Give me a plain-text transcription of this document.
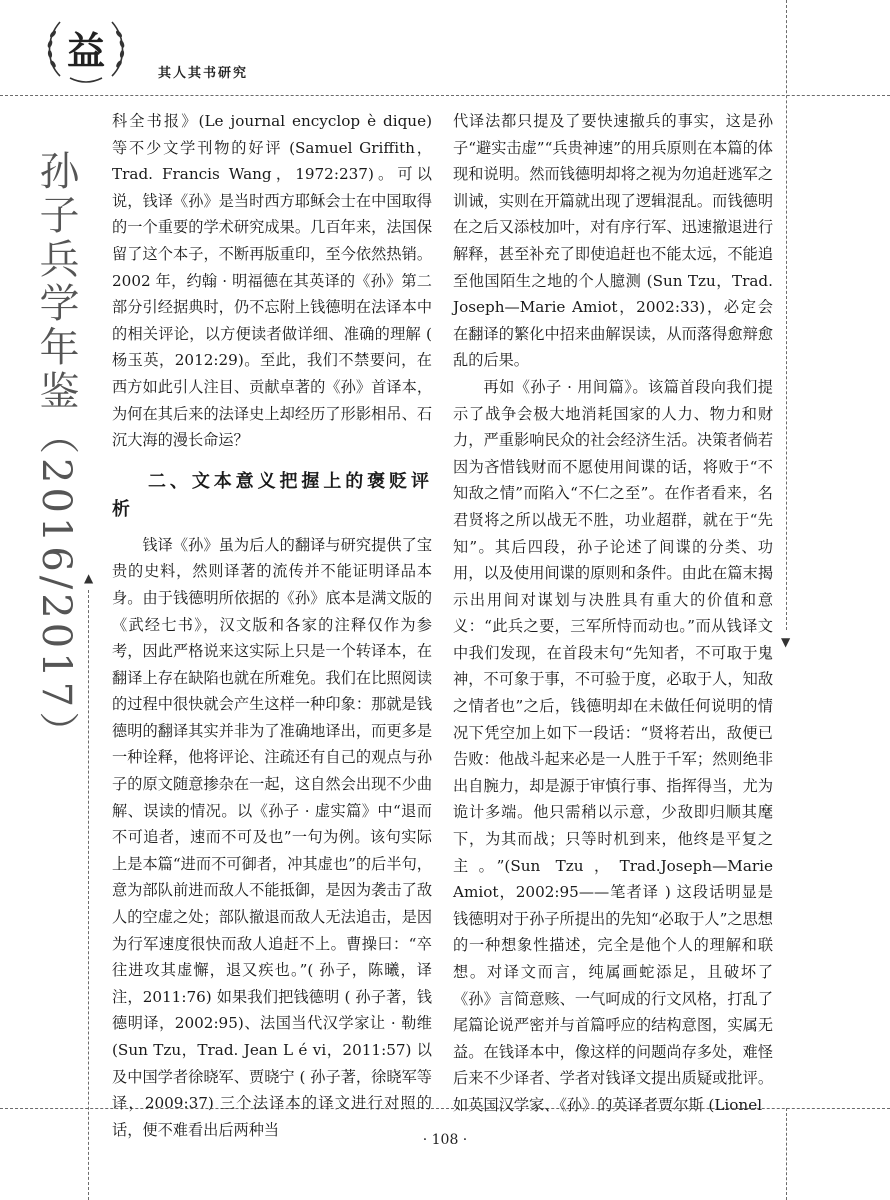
▲
▼
益
其人其书研究
孙子兵学年鉴（2016/2017）

科全书报》(Le journal encyclop è dique) 等不少文学刊物的好评 (Samuel Griffith，Trad. Francis Wang，1972:237)。可以说，钱译《孙》是当时西方耶稣会士在中国取得的一个重要的学术研究成果。几百年来，法国保留了这个本子，不断再版重印，至今依然热销。2002 年，约翰 · 明福德在其英译的《孙》第二部分引经据典时，仍不忘附上钱德明在法译本中的相关评论，以方便读者做详细、准确的理解 ( 杨玉英，2012:29)。至此，我们不禁要问，在西方如此引人注目、贡献卓著的《孙》首译本，为何在其后来的法译史上却经历了形影相吊、石沉大海的漫长命运？

二、文本意义把握上的褒贬评析

钱译《孙》虽为后人的翻译与研究提供了宝贵的史料，然则译著的流传并不能证明译品本身。由于钱德明所依据的《孙》底本是满文版的《武经七书》，汉文版和各家的注释仅作为参考，因此严格说来这实际上只是一个转译本，在翻译上存在缺陷也就在所难免。我们在比照阅读的过程中很快就会产生这样一种印象：那就是钱德明的翻译其实并非为了准确地译出，而更多是一种诠释，他将评论、注疏还有自己的观点与孙子的原文随意掺杂在一起，这自然会出现不少曲解、误读的情况。以《孙子 · 虚实篇》中“退而不可追者，速而不可及也”一句为例。该句实际上是本篇“进而不可御者，冲其虚也”的后半句，意为部队前进而敌人不能抵御，是因为袭击了敌人的空虚之处；部队撤退而敌人无法追击，是因为行军速度很快而敌人追赶不上。曹操曰：“卒往进攻其虚懈，退又疾也。”( 孙子，陈曦，译注，2011:76) 如果我们把钱德明 ( 孙子著，钱德明译，2002:95)、法国当代汉学家让 · 勒维 (Sun Tzu，Trad. Jean L é vi，2011:57) 以及中国学者徐晓军、贾晓宁 ( 孙子著，徐晓军等译，2009:37) 三个法译本的译文进行对照的话，便不难看出后两种当

代译法都只提及了要快速撤兵的事实，这是孙子“避实击虚”“兵贵神速”的用兵原则在本篇的体现和说明。然而钱德明却将之视为勿追赶逃军之训诫，实则在开篇就出现了逻辑混乱。而钱德明在之后又添枝加叶，对有序行军、迅速撤退进行解释，甚至补充了即使追赶也不能太远，不能追至他国陌生之地的个人臆测 (Sun Tzu，Trad. Joseph—Marie Amiot，2002:33)，必定会在翻译的繁化中招来曲解误读，从而落得愈辩愈乱的后果。

再如《孙子 · 用间篇》。该篇首段向我们提示了战争会极大地消耗国家的人力、物力和财力，严重影响民众的社会经济生活。决策者倘若因为吝惜钱财而不愿使用间谍的话，将败于“不知敌之情”而陷入“不仁之至”。在作者看来，名君贤将之所以战无不胜，功业超群，就在于“先知”。其后四段，孙子论述了间谍的分类、功用，以及使用间谍的原则和条件。由此在篇末揭示出用间对谋划与决胜具有重大的价值和意义：“此兵之要，三军所恃而动也。”而从钱译文中我们发现，在首段末句“先知者，不可取于鬼神，不可象于事，不可验于度，必取于人，知敌之情者也”之后，钱德明却在未做任何说明的情况下凭空加上如下一段话：“贤将若出，敌便已告败：他战斗起来必是一人胜于千军；然则绝非出自腕力，却是源于审慎行事、指挥得当，尤为诡计多端。他只需稍以示意，少敌即归顺其麾下，为其而战；只等时机到来，他终是平复之主。”(Sun Tzu，Trad.Joseph—Marie Amiot，2002:95——笔者译 ) 这段话明显是钱德明对于孙子所提出的先知“必取于人”之思想的一种想象性描述，完全是他个人的理解和联想。对译文而言，纯属画蛇添足，且破坏了《孙》言简意赅、一气呵成的行文风格，打乱了尾篇论说严密并与首篇呼应的结构意图，实属无益。在钱译本中，像这样的问题尚存多处，难怪后来不少译者、学者对钱译文提出质疑或批评。如英国汉学家、《孙》的英译者贾尔斯 (Lionel

· 108 ·
